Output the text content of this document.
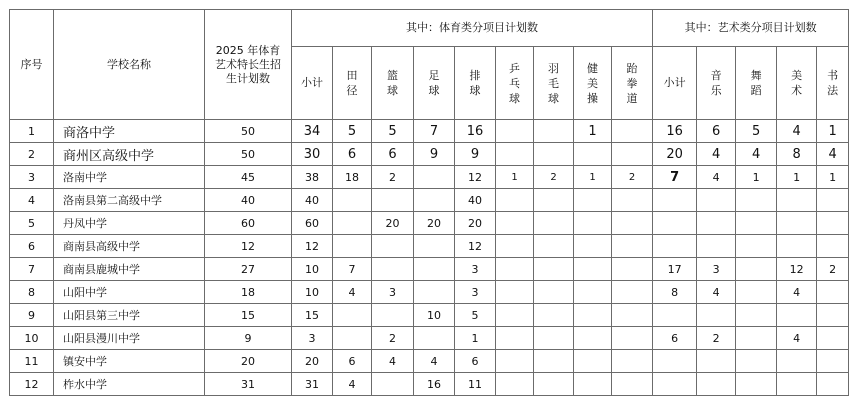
序号	学校名称	2025 年体育艺术特长生招生计划数	其中：体育类分项目计划数									其中：艺术类分项目计划数				
			小计	田径	篮球	足球	排球	乒乓球	羽毛球	健美操	跆拳道	小计	音乐	舞蹈	美术	书法
1	商洛中学	50	34	5	5	7	16			1		16	6	5	4	1
2	商州区高级中学	50	30	6	6	9	9					20	4	4	8	4
3	洛南中学	45	38	18	2		12	1	2	1	2	7	4	1	1	1
4	洛南县第二高级中学	40	40				40									
5	丹凤中学	60	60		20	20	20									
6	商南县高级中学	12	12				12									
7	商南县鹿城中学	27	10	7			3					17	3		12	2
8	山阳中学	18	10	4	3		3					8	4		4	
9	山阳县第三中学	15	15			10	5									
10	山阳县漫川中学	9	3		2		1					6	2		4	
11	镇安中学	20	20	6	4	4	6									
12	柞水中学	31	31	4		16	11									
